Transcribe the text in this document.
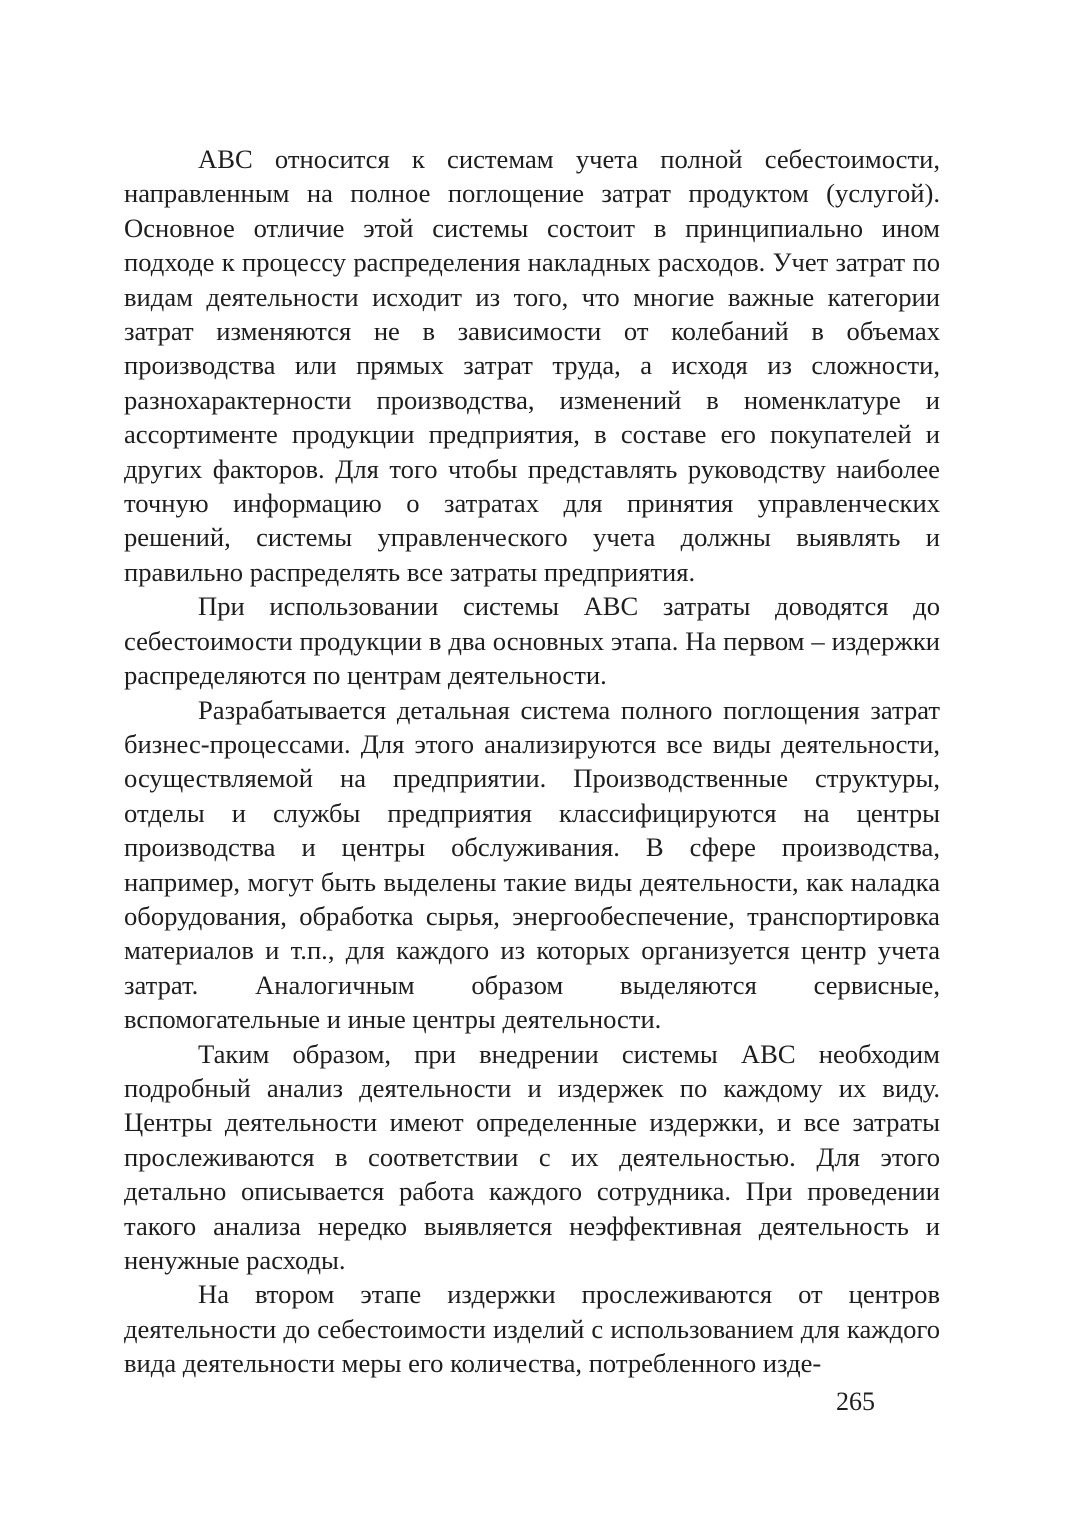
ABC относится к системам учета полной себестоимости, направленным на полное поглощение затрат продуктом (услугой). Основное отличие этой системы состоит в принципиально ином подходе к процессу распределения накладных расходов. Учет затрат по видам деятельности исходит из того, что многие важные категории затрат изменяются не в зависимости от колебаний в объемах производства или прямых затрат труда, а исходя из сложности, разнохарактерности производства, изменений в номенклатуре и ассортименте продукции предприятия, в составе его покупателей и других факторов. Для того чтобы представлять руководству наиболее точную информацию о затратах для принятия управленческих решений, системы управленческого учета должны выявлять и правильно распределять все затраты предприятия.

При использовании системы ABC затраты доводятся до себестоимости продукции в два основных этапа. На первом – издержки распределяются по центрам деятельности.

Разрабатывается детальная система полного поглощения затрат бизнес-процессами. Для этого анализируются все виды деятельности, осуществляемой на предприятии. Производственные структуры, отделы и службы предприятия классифицируются на центры производства и центры обслуживания. В сфере производства, например, могут быть выделены такие виды деятельности, как наладка оборудования, обработка сырья, энергообеспечение, транспортировка материалов и т.п., для каждого из которых организуется центр учета затрат. Аналогичным образом выделяются сервисные, вспомогательные и иные центры деятельности.

Таким образом, при внедрении системы ABC необходим подробный анализ деятельности и издержек по каждому их виду. Центры деятельности имеют определенные издержки, и все затраты прослеживаются в соответствии с их деятельностью. Для этого детально описывается работа каждого сотрудника. При проведении такого анализа нередко выявляется неэффективная деятельность и ненужные расходы.

На втором этапе издержки прослеживаются от центров деятельности до себестоимости изделий с использованием для каждого вида деятельности меры его количества, потребленного изде-

265
